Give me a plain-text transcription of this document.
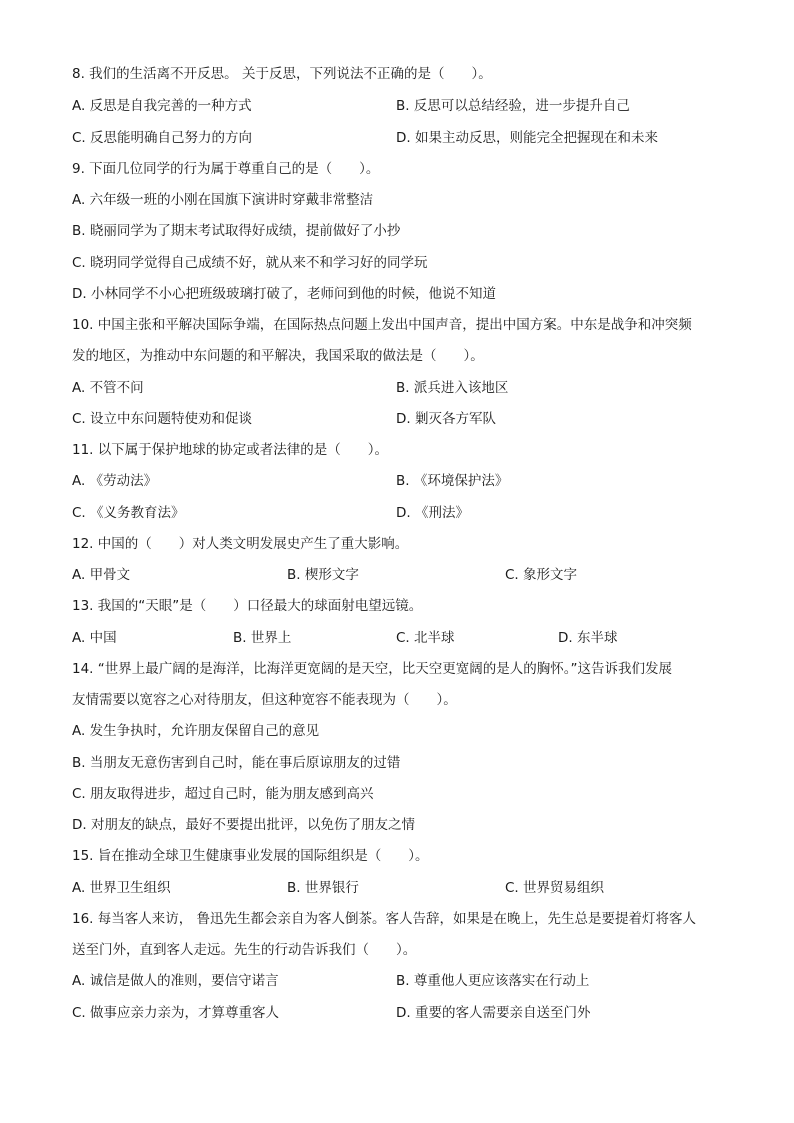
8. 我们的生活离不开反思。 关于反思，下列说法不正确的是（　　）。
A. 反思是自我完善的一种方式	B. 反思可以总结经验，进一步提升自己
C. 反思能明确自己努力的方向	D. 如果主动反思，则能完全把握现在和未来
9. 下面几位同学的行为属于尊重自己的是（　　）。
A. 六年级一班的小刚在国旗下演讲时穿戴非常整洁
B. 晓丽同学为了期末考试取得好成绩，提前做好了小抄
C. 晓玥同学觉得自己成绩不好，就从来不和学习好的同学玩
D. 小林同学不小心把班级玻璃打破了，老师问到他的时候，他说不知道
10. 中国主张和平解决国际争端，在国际热点问题上发出中国声音，提出中国方案。中东是战争和冲突频
发的地区，为推动中东问题的和平解决，我国采取的做法是（　　）。
A. 不管不问	B. 派兵进入该地区
C. 设立中东问题特使劝和促谈	D. 剿灭各方军队
11. 以下属于保护地球的协定或者法律的是（　　）。
A. 《劳动法》	B. 《环境保护法》
C. 《义务教育法》	D. 《刑法》
12. 中国的（　　）对人类文明发展史产生了重大影响。
A. 甲骨文	B. 楔形文字	C. 象形文字
13. 我国的“天眼”是（　　）口径最大的球面射电望远镜。
A. 中国	B. 世界上	C. 北半球	D. 东半球
14. “世界上最广阔的是海洋，比海洋更宽阔的是天空，比天空更宽阔的是人的胸怀。”这告诉我们发展
友情需要以宽容之心对待朋友，但这种宽容不能表现为（　　）。
A. 发生争执时，允许朋友保留自己的意见
B. 当朋友无意伤害到自己时，能在事后原谅朋友的过错
C. 朋友取得进步，超过自己时，能为朋友感到高兴
D. 对朋友的缺点，最好不要提出批评，以免伤了朋友之情
15. 旨在推动全球卫生健康事业发展的国际组织是（　　）。
A. 世界卫生组织	B. 世界银行	C. 世界贸易组织
16. 每当客人来访， 鲁迅先生都会亲自为客人倒茶。客人告辞，如果是在晚上，先生总是要提着灯将客人
送至门外，直到客人走远。先生的行动告诉我们（　　）。
A. 诚信是做人的准则，要信守诺言	B. 尊重他人更应该落实在行动上
C. 做事应亲力亲为，才算尊重客人	D. 重要的客人需要亲自送至门外
